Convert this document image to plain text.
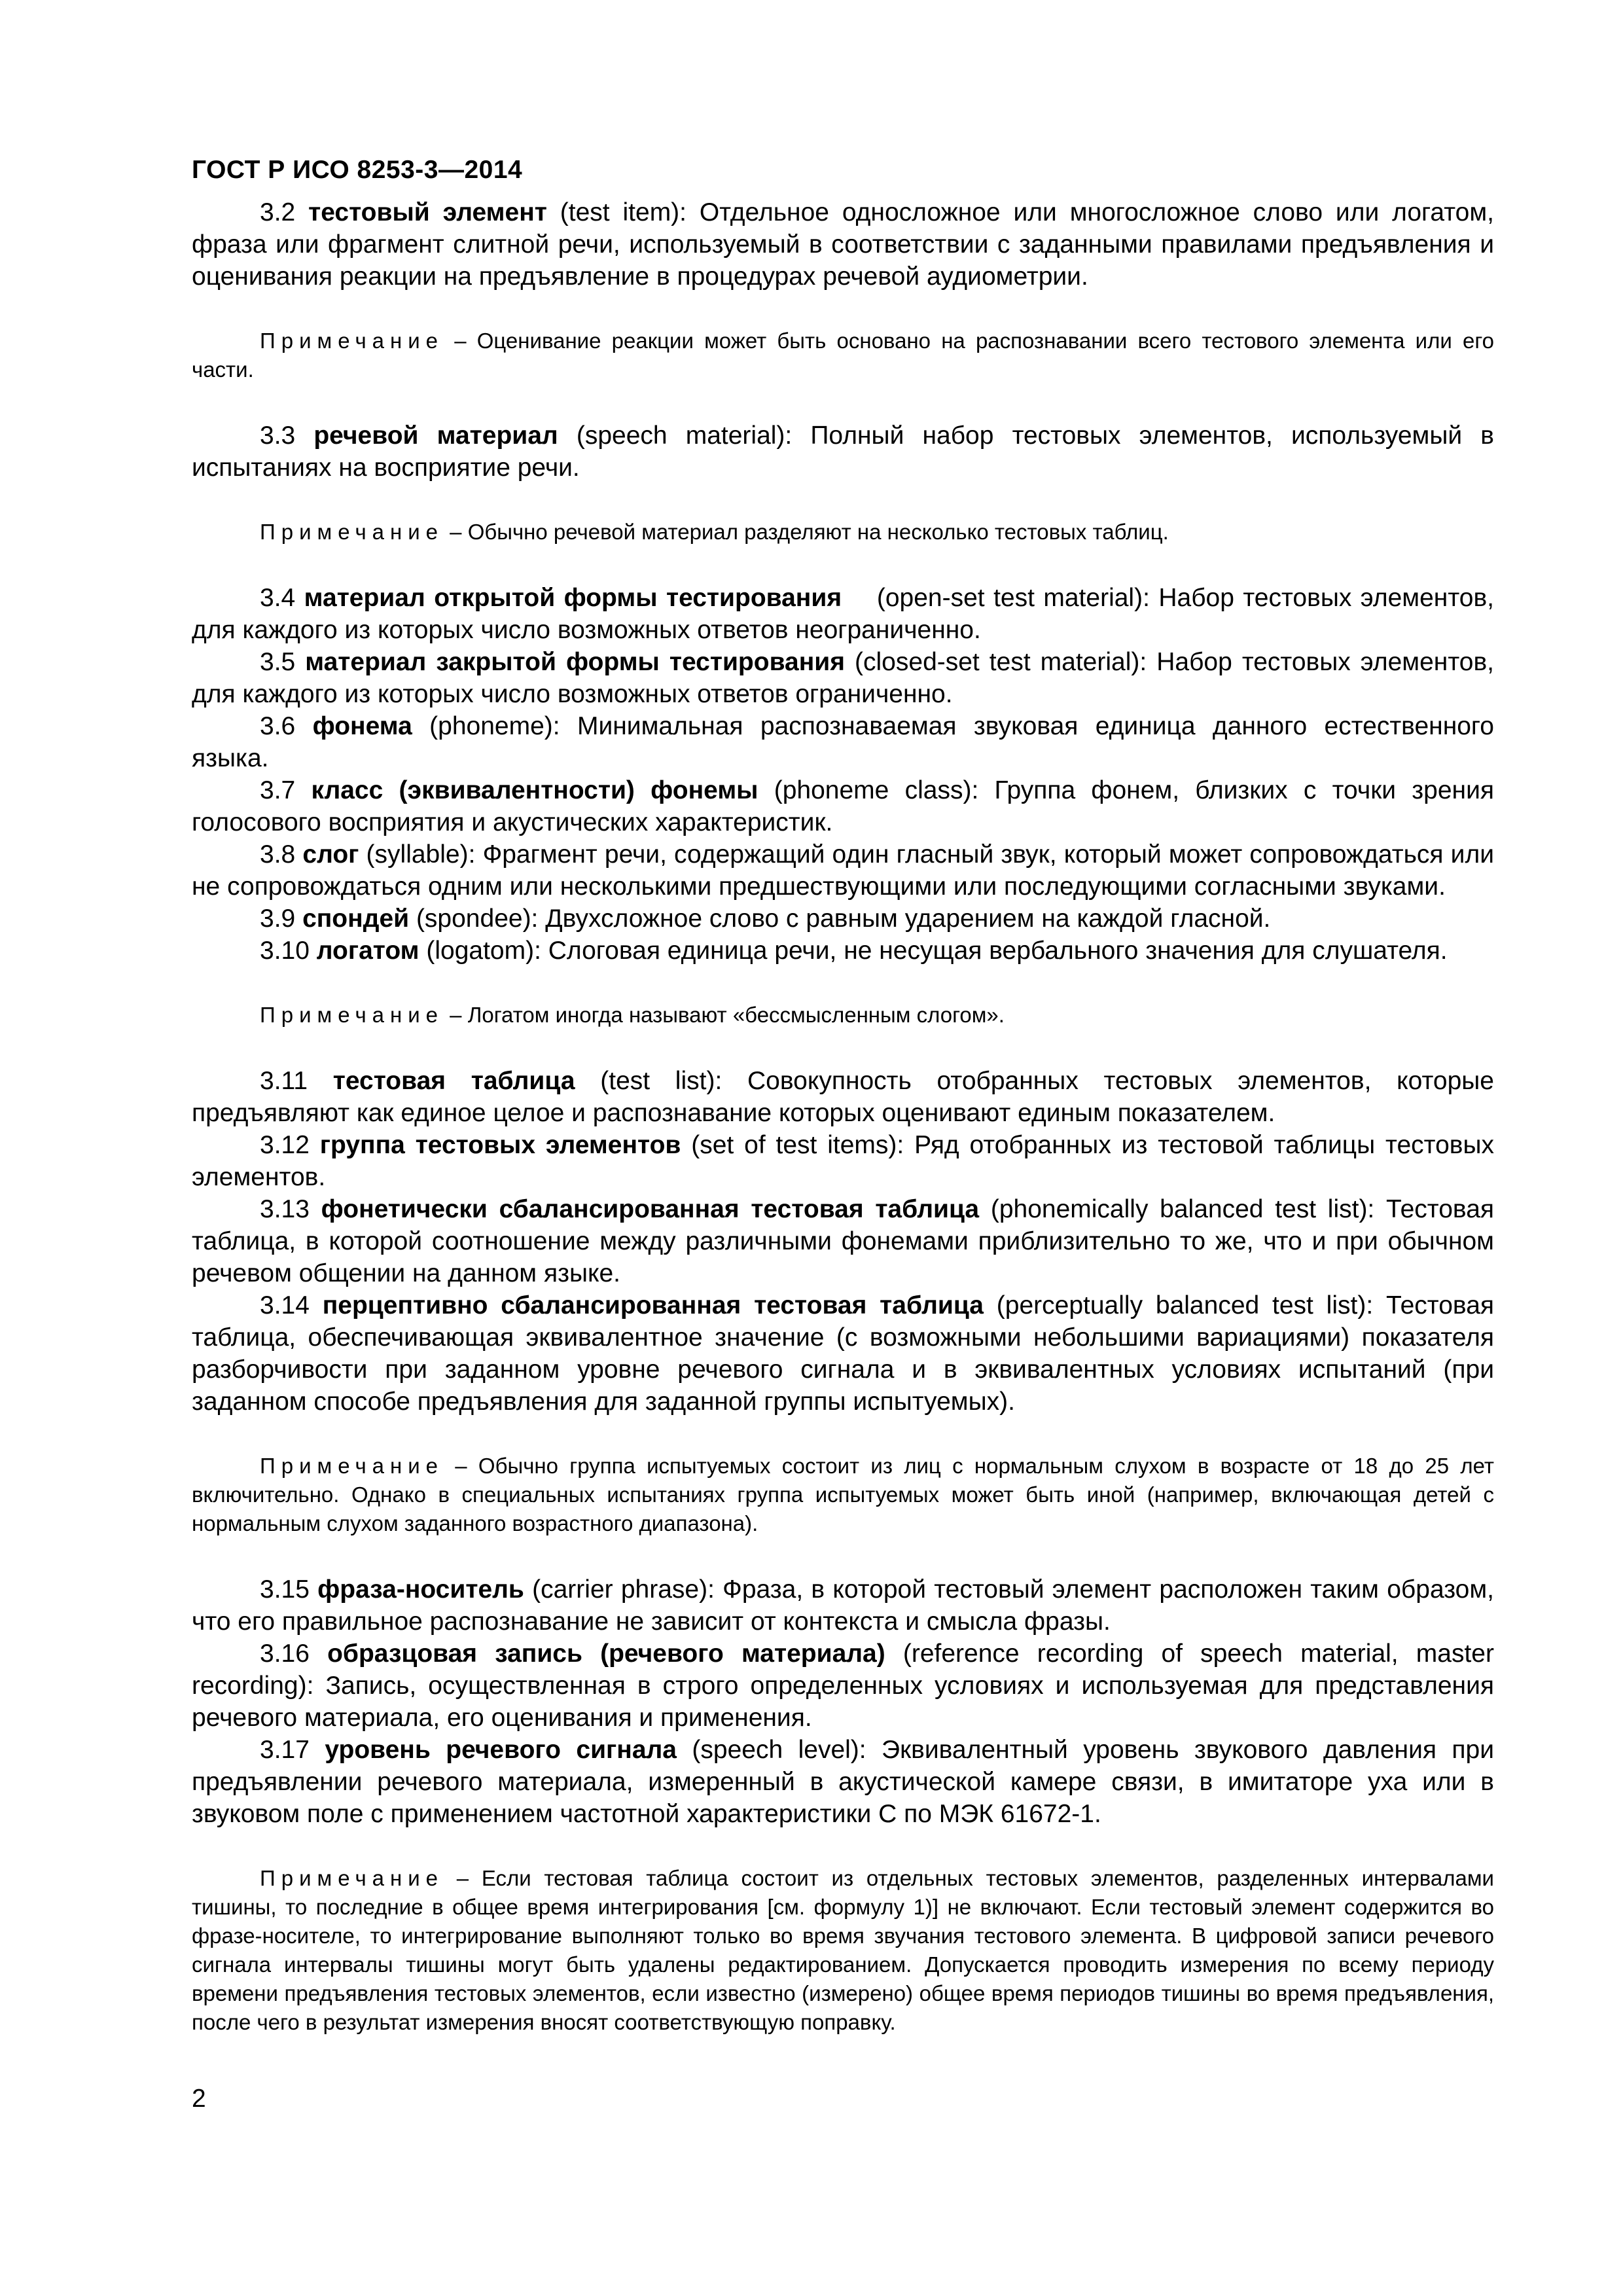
ГОСТ Р ИСО 8253-3—2014

3.2 тестовый элемент (test item): Отдельное односложное или многосложное слово или логатом, фраза или фрагмент слитной речи, используемый в соответствии с заданными правилами предъявления и оценивания реакции на предъявление в процедурах речевой аудиометрии.

Примечание – Оценивание реакции может быть основано на распознавании всего тестового элемента или его части.

3.3 речевой материал (speech material): Полный набор тестовых элементов, используемый в испытаниях на восприятие речи.

Примечание – Обычно речевой материал разделяют на несколько тестовых таблиц.

3.4 материал открытой формы тестирования    (open-set test material): Набор тестовых элементов, для каждого из которых число возможных ответов неограниченно.

3.5 материал закрытой формы тестирования (closed-set test material): Набор тестовых элементов, для каждого из которых число возможных ответов ограниченно.

3.6 фонема (phoneme): Минимальная распознаваемая звуковая единица данного естественного языка.

3.7 класс (эквивалентности) фонемы (phoneme class): Группа фонем, близких с точки зрения голосового восприятия и акустических характеристик.

3.8 слог (syllable): Фрагмент речи, содержащий один гласный звук, который может сопровождаться или не сопровождаться одним или несколькими предшествующими или последующими согласными звуками.

3.9 спондей (spondee): Двухсложное слово с равным ударением на каждой гласной.

3.10 логатом (logatom): Слоговая единица речи, не несущая вербального значения для слушателя.

Примечание – Логатом иногда называют «бессмысленным слогом».

3.11 тестовая таблица (test list): Совокупность отобранных тестовых элементов, которые предъявляют как единое целое и распознавание которых оценивают единым показателем.

3.12 группа тестовых элементов (set of test items): Ряд отобранных из тестовой таблицы тестовых элементов.

3.13 фонетически сбалансированная тестовая таблица (phonemically balanced test list): Тестовая таблица, в которой соотношение между различными фонемами приблизительно то же, что и при обычном речевом общении на данном языке.

3.14 перцептивно сбалансированная тестовая таблица (perceptually balanced test list): Тестовая таблица, обеспечивающая эквивалентное значение (с возможными небольшими вариациями) показателя разборчивости при заданном уровне речевого сигнала и в эквивалентных условиях испытаний (при заданном способе предъявления для заданной группы испытуемых).

Примечание – Обычно группа испытуемых состоит из лиц с нормальным слухом в возрасте от 18 до 25 лет включительно. Однако в специальных испытаниях группа испытуемых может быть иной (например, включающая детей с нормальным слухом заданного возрастного диапазона).

3.15 фраза-носитель (carrier phrase): Фраза, в которой тестовый элемент расположен таким образом, что его правильное распознавание не зависит от контекста и смысла фразы.

3.16 образцовая запись (речевого материала) (reference recording of speech material, master recording): Запись, осуществленная в строго определенных условиях и используемая для представления речевого материала, его оценивания и применения.

3.17 уровень речевого сигнала (speech level): Эквивалентный уровень звукового давления при предъявлении речевого материала, измеренный в акустической камере связи, в имитаторе уха или в звуковом поле с применением частотной характеристики С по МЭК 61672-1.

Примечание – Если тестовая таблица состоит из отдельных тестовых элементов, разделенных интервалами тишины, то последние в общее время интегрирования [см. формулу 1)] не включают. Если тестовый элемент содержится во фразе-носителе, то интегрирование выполняют только во время звучания тестового элемента. В цифровой записи речевого сигнала интервалы тишины могут быть удалены редактированием. Допускается проводить измерения по всему периоду времени предъявления тестовых элементов, если известно (измерено) общее время периодов тишины во время предъявления, после чего в результат измерения вносят соответствующую поправку.

2
